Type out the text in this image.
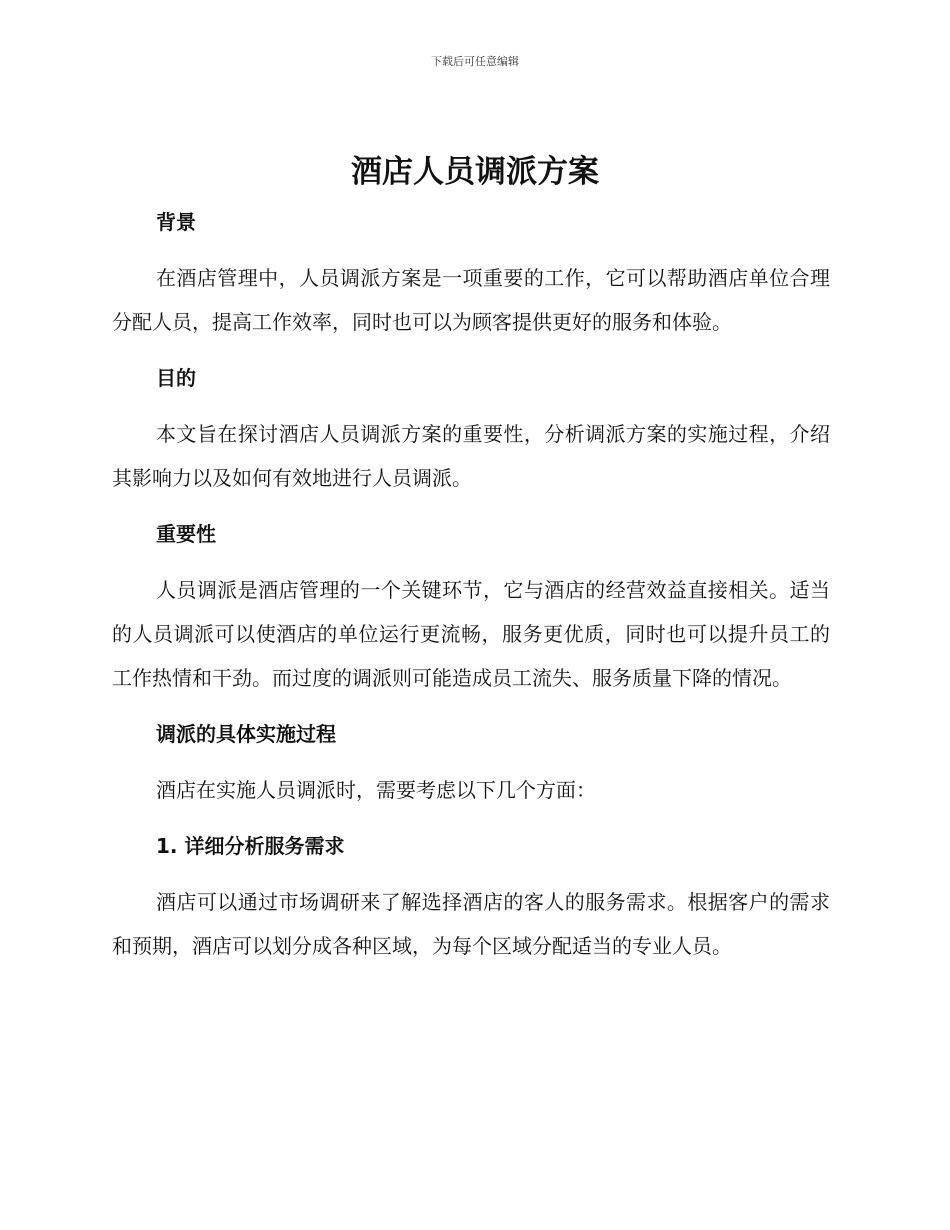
下载后可任意编辑
酒店人员调派方案
背景

在酒店管理中，人员调派方案是一项重要的工作，它可以帮助酒店单位合理分配人员，提高工作效率，同时也可以为顾客提供更好的服务和体验。

目的

本文旨在探讨酒店人员调派方案的重要性，分析调派方案的实施过程，介绍其影响力以及如何有效地进行人员调派。

重要性

人员调派是酒店管理的一个关键环节，它与酒店的经营效益直接相关。适当的人员调派可以使酒店的单位运行更流畅，服务更优质，同时也可以提升员工的工作热情和干劲。而过度的调派则可能造成员工流失、服务质量下降的情况。

调派的具体实施过程

酒店在实施人员调派时，需要考虑以下几个方面：

1. 详细分析服务需求

酒店可以通过市场调研来了解选择酒店的客人的服务需求。根据客户的需求和预期，酒店可以划分成各种区域，为每个区域分配适当的专业人员。
